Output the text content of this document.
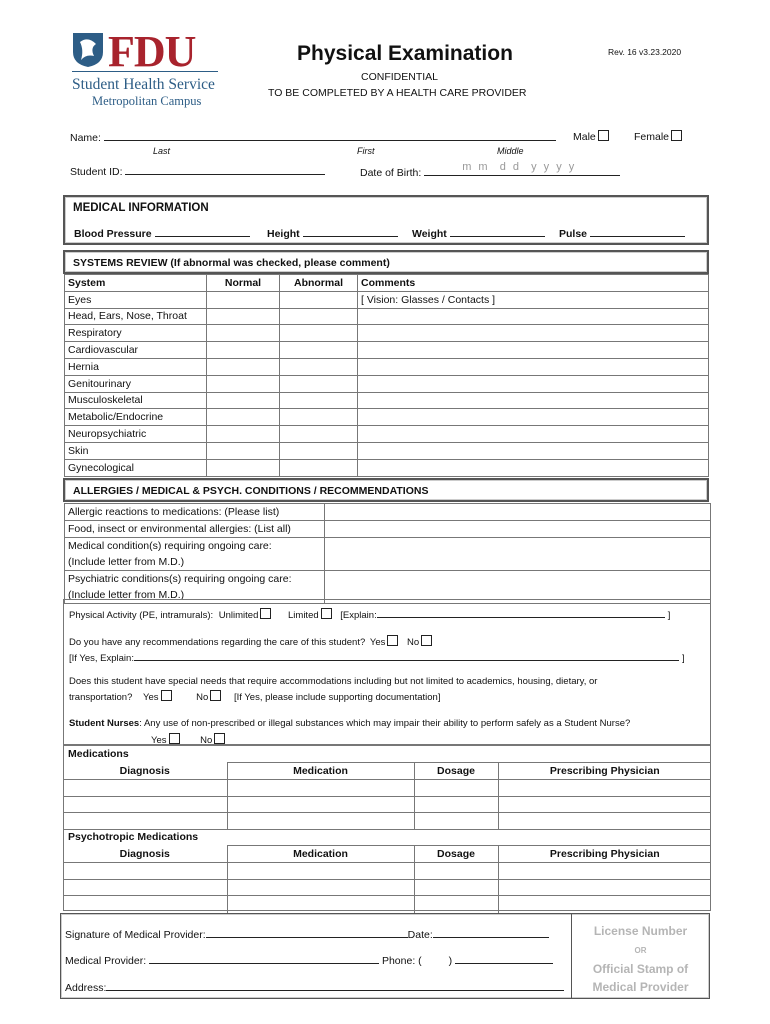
FDU
Student Health Service
Metropolitan Campus
Physical Examination	Rev. 16 v3.23.2020
CONFIDENTIAL
TO BE COMPLETED BY A HEALTH CARE PROVIDER
Name:	Male	Female
Last	First	Middle
Student ID:	Date of Birth:	m m  d d  y y y y
MEDICAL INFORMATION
Blood Pressure	Height	Weight	Pulse
SYSTEMS REVIEW (If abnormal was checked, please comment)
System	Normal	Abnormal	Comments
Eyes			[ Vision: Glasses / Contacts ]
Head, Ears, Nose, Throat			
Respiratory			
Cardiovascular			
Hernia			
Genitourinary			
Musculoskeletal			
Metabolic/Endocrine			
Neuropsychiatric			
Skin			
Gynecological			
ALLERGIES / MEDICAL & PSYCH. CONDITIONS / RECOMMENDATIONS
Allergic reactions to medications: (Please list)	
Food, insect or environmental allergies: (List all)	

Medical condition(s) requiring ongoing care:
(Include letter from M.D.)	

Psychiatric conditions(s) requiring ongoing care:
(Include letter from M.D.)	

Physical Activity (PE, intramurals): Unlimited	Limited [Explain:	]
Do you have any recommendations regarding the care of this student? Yes No
[If Yes, Explain:	]
Does this student have special needs that require accommodations including but not limited to academics, housing, dietary, or
transportation? Yes	No	[If Yes, please include supporting documentation]
Student Nurses: Any use of non-prescribed or illegal substances which may impair their ability to perform safely as a Student Nurse?
Yes	No
Medications
Diagnosis	Medication	Dosage	Prescribing Physician

Psychotropic Medications
Diagnosis	Medication	Dosage	Prescribing Physician

Signature of Medical Provider:	Date:
Medical Provider:	Phone: (	)
Address:
License Number
OR
Official Stamp of
Medical Provider
